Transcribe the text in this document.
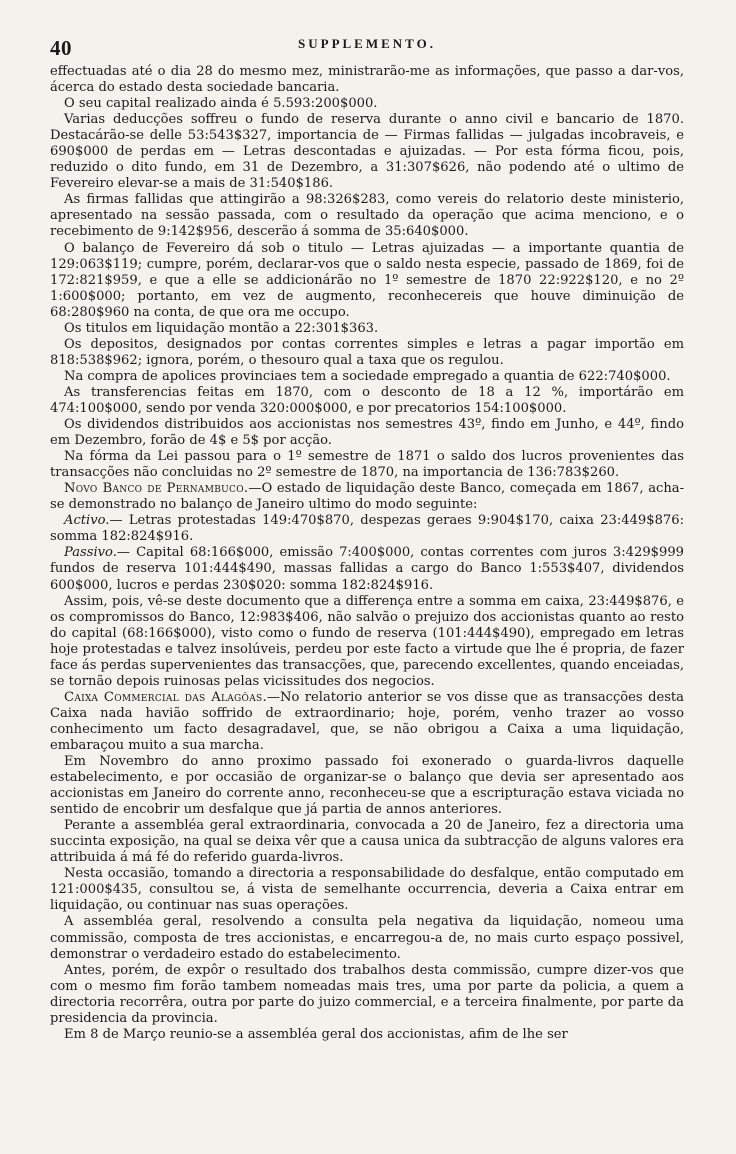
40	SUPPLEMENTO.

effectuadas até o dia 28 do mesmo mez, ministrarão-me as informações, que passo a dar-vos, ácerca do estado desta sociedade bancaria.

O seu capital realizado ainda é 5.593:200$000.

Varias deducções soffreu o fundo de reserva durante o anno civil e bancario de 1870. Destacárão-se delle 53:543$327, importancia de — Firmas fallidas — julgadas incobraveis, e 690$000 de perdas em — Letras descontadas e ajuizadas. — Por esta fórma ficou, pois, reduzido o dito fundo, em 31 de Dezembro, a 31:307$626, não podendo até o ultimo de Fevereiro elevar-se a mais de 31:540$186.

As firmas fallidas que attingirão a 98:326$283, como vereis do relatorio deste ministerio, apresentado na sessão passada, com o resultado da operação que acima menciono, e o recebimento de 9:142$956, descerão á somma de 35:640$000.

O balanço de Fevereiro dá sob o titulo — Letras ajuizadas — a importante quantia de 129:063$119; cumpre, porém, declarar-vos que o saldo nesta especie, passado de 1869, foi de 172:821$959, e que a elle se addicionárão no 1º semestre de 1870 22:922$120, e no 2º 1:600$000; portanto, em vez de augmento, reconhecereis que houve diminuição de 68:280$960 na conta, de que ora me occupo.

Os titulos em liquidação montão a 22:301$363.

Os depositos, designados por contas correntes simples e letras a pagar importão em 818:538$962; ignora, porém, o thesouro qual a taxa que os regulou.

Na compra de apolices provinciaes tem a sociedade empregado a quantia de 622:740$000.

As transferencias feitas em 1870, com o desconto de 18 a 12 %, importárão em 474:100$000, sendo por venda 320:000$000, e por precatorios 154:100$000.

Os dividendos distribuidos aos accionistas nos semestres 43º, findo em Junho, e 44º, findo em Dezembro, forão de 4$ e 5$ por acção.

Na fórma da Lei passou para o 1º semestre de 1871 o saldo dos lucros provenientes das transacções não concluidas no 2º semestre de 1870, na importancia de 136:783$260.

Novo Banco de Pernambuco.—O estado de liquidação deste Banco, começada em 1867, acha-se demonstrado no balanço de Janeiro ultimo do modo seguinte:

Activo.— Letras protestadas 149:470$870, despezas geraes 9:904$170, caixa 23:449$876: somma 182:824$916.

Passivo.— Capital 68:166$000, emissão 7:400$000, contas correntes com juros 3:429$999 fundos de reserva 101:444$490, massas fallidas a cargo do Banco 1:553$407, dividendos 600$000, lucros e perdas 230$020: somma 182:824$916.

Assim, pois, vê-se deste documento que a differença entre a somma em caixa, 23:449$876, e os compromissos do Banco, 12:983$406, não salvão o prejuizo dos accionistas quanto ao resto do capital (68:166$000), visto como o fundo de reserva (101:444$490), empregado em letras hoje protestadas e talvez insolúveis, perdeu por este facto a virtude que lhe é propria, de fazer face ás perdas supervenientes das transacções, que, parecendo excellentes, quando enceiadas, se tornão depois ruinosas pelas vicissitudes dos negocios.

Caixa Commercial das Alagôas.—No relatorio anterior se vos disse que as transacções desta Caixa nada havião soffrido de extraordinario; hoje, porém, venho trazer ao vosso conhecimento um facto desagradavel, que, se não obrigou a Caixa a uma liquidação, embaraçou muito a sua marcha.

Em Novembro do anno proximo passado foi exonerado o guarda-livros daquelle estabelecimento, e por occasião de organizar-se o balanço que devia ser apresentado aos accionistas em Janeiro do corrente anno, reconheceu-se que a escripturação estava viciada no sentido de encobrir um desfalque que já partia de annos anteriores.

Perante a assembléa geral extraordinaria, convocada a 20 de Janeiro, fez a directoria uma succinta exposição, na qual se deixa vêr que a causa unica da subtracção de alguns valores era attribuida á má fé do referido guarda-livros.

Nesta occasião, tomando a directoria a responsabilidade do desfalque, então computado em 121:000$435, consultou se, á vista de semelhante occurrencia, deveria a Caixa entrar em liquidação, ou continuar nas suas operações.

A assembléa geral, resolvendo a consulta pela negativa da liquidação, nomeou uma commissão, composta de tres accionistas, e encarregou-a de, no mais curto espaço possivel, demonstrar o verdadeiro estado do estabelecimento.

Antes, porém, de expôr o resultado dos trabalhos desta commissão, cumpre dizer-vos que com o mesmo fim forão tambem nomeadas mais tres, uma por parte da policia, a quem a directoria recorrêra, outra por parte do juizo commercial, e a terceira finalmente, por parte da presidencia da provincia.

Em 8 de Março reunio-se a assembléa geral dos accionistas, afim de lhe ser
